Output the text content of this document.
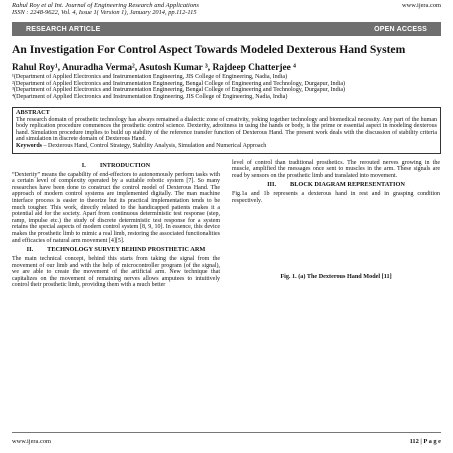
Rahul Roy et al Int. Journal of Engineering Research and Applications	www.ijera.com
ISSN : 2248-9622, Vol. 4, Issue 1( Version 1), January 2014, pp.112-115
RESEARCH ARTICLE	OPEN ACCESS
An Investigation For Control Aspect Towards Modeled Dexterous Hand System
Rahul Roy¹, Anuradha Verma², Asutosh Kumar ³, Rajdeep Chatterjee ⁴
¹(Department of Applied Electronics and Instrumentation Engineering, JIS College of Engineering, Nadia, India)
²(Department of Applied Electronics and Instrumentation Engineering, Bengal College of Engineering and Technology, Durgapur, India)
³(Department of Applied Electronics and Instrumentation Engineering, Bengal College of Engineering and Technology, Durgapur, India)
⁴(Department of Applied Electronics and Instrumentation Engineering, JIS College of Engineering, Nadia, India)
ABSTRACT
The research domain of prosthetic technology has always remained a dialectic zone of creativity, yoking together technology and biomedical necessity. Any part of the human body replication procedure commences the prosthetic control science. Dexterity, adroitness in using the hands or body, is the prime or essential aspect in modeling dexterous hand. Simulation procedure implies to build up stability of the reference transfer function of Dexterous Hand. The present work deals with the discussion of stability criteria and simulation in discrete domain of Dexterous Hand.
Keywords – Dexterous Hand, Control Strategy, Stability Analysis, Simulation and Numerical Approach
I. INTRODUCTION

“Dexterity” means the capability of end-effectors to autonomously perform tasks with a certain level of complexity operated by a suitable robotic system [7]. So many researches have been done to construct the control model of Dexterous Hand. The approach of modern control systems are implemented digitally. The man machine interface process is easier to theorize but its practical implementation tends to be much tougher. This work, directly related to the handicapped patients makes it a potential aid for the society. Apart from continuous deterministic test response (step, ramp, impulse etc.) the study of discrete deterministic test response for a system retains the special aspects of modern control system [8, 9, 10]. In essence, this device makes the prosthetic limb to mimic a real limb, restoring the associated functionalities and efficacies of natural arm movement [4][5].

II. TECHNOLOGY SURVEY BEHIND PROSTHETIC ARM

The main technical concept, behind this starts from taking the signal from the movement of our limb and with the help of microcontroller program (of the signal), we are able to create the movement of the artificial arm. New technique that capitalizes on the movement of remaining nerves allows amputees to intuitively control their prosthetic limb, providing them with a much better

level of control than traditional prosthetics. The rerouted nerves growing in the muscle, amplified the messages once sent to muscles in the arm. These signals are read by sensors on the prosthetic limb and translated into movement.

III. BLOCK DIAGRAM REPRESENTATION

Fig.1a and 1b represents a dexterous hand in rest and in grasping condition respectively.

Fig. 1. (a) The Dexterous Hand Model [11]
www.ijera.com	112 | P a g e
